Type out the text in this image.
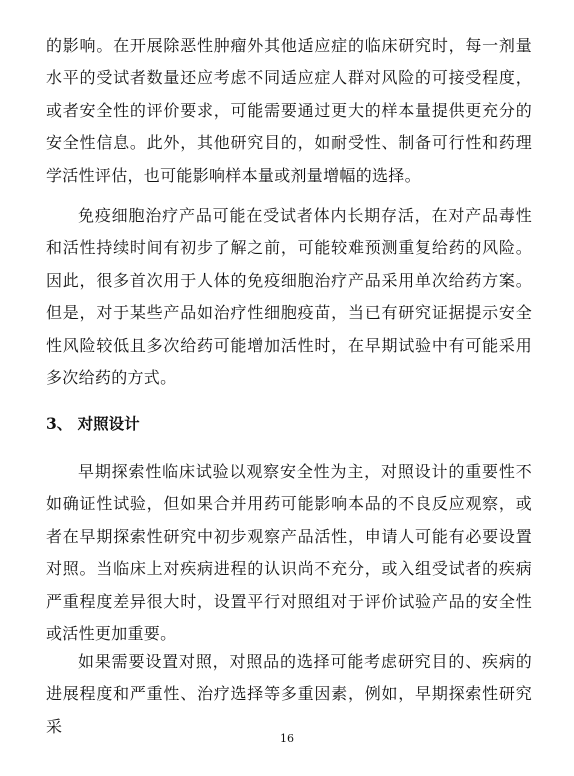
的影响。在开展除恶性肿瘤外其他适应症的临床研究时，每一剂量水平的受试者数量还应考虑不同适应症人群对风险的可接受程度，或者安全性的评价要求，可能需要通过更大的样本量提供更充分的安全性信息。此外，其他研究目的，如耐受性、制备可行性和药理学活性评估，也可能影响样本量或剂量增幅的选择。

免疫细胞治疗产品可能在受试者体内长期存活，在对产品毒性和活性持续时间有初步了解之前，可能较难预测重复给药的风险。因此，很多首次用于人体的免疫细胞治疗产品采用单次给药方案。但是，对于某些产品如治疗性细胞疫苗，当已有研究证据提示安全性风险较低且多次给药可能增加活性时，在早期试验中有可能采用多次给药的方式。

3、 对照设计

早期探索性临床试验以观察安全性为主，对照设计的重要性不如确证性试验，但如果合并用药可能影响本品的不良反应观察，或者在早期探索性研究中初步观察产品活性，申请人可能有必要设置对照。当临床上对疾病进程的认识尚不充分，或入组受试者的疾病严重程度差异很大时，设置平行对照组对于评价试验产品的安全性或活性更加重要。

如果需要设置对照，对照品的选择可能考虑研究目的、疾病的进展程度和严重性、治疗选择等多重因素，例如，早期探索性研究采

16
